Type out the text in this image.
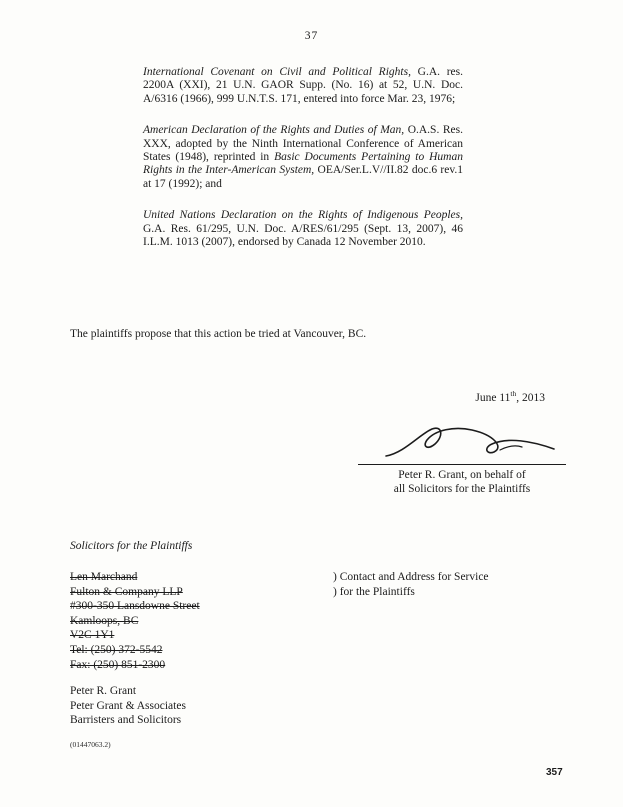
37

International Covenant on Civil and Political Rights, G.A. res. 2200A (XXI), 21 U.N. GAOR Supp. (No. 16) at 52, U.N. Doc. A/6316 (1966), 999 U.N.T.S. 171, entered into force Mar. 23, 1976;

American Declaration of the Rights and Duties of Man, O.A.S. Res. XXX, adopted by the Ninth International Conference of American States (1948), reprinted in Basic Documents Pertaining to Human Rights in the Inter-American System, OEA/Ser.L.V//II.82 doc.6 rev.1 at 17 (1992); and

United Nations Declaration on the Rights of Indigenous Peoples, G.A. Res. 61/295, U.N. Doc. A/RES/61/295 (Sept. 13, 2007), 46 I.L.M. 1013 (2007), endorsed by Canada 12 November 2010.

The plaintiffs propose that this action be tried at Vancouver, BC.
June 11th, 2013
Peter R. Grant, on behalf of
all Solicitors for the Plaintiffs
Solicitors for the Plaintiffs
Len Marchand
Fulton & Company LLP
#300-350 Lansdowne Street
Kamloops, BC
V2C 1Y1
Tel: (250) 372-5542
Fax: (250) 851-2300
) Contact and Address for Service
) for the Plaintiffs
Peter R. Grant
Peter Grant & Associates
Barristers and Solicitors
(01447063.2)
357
